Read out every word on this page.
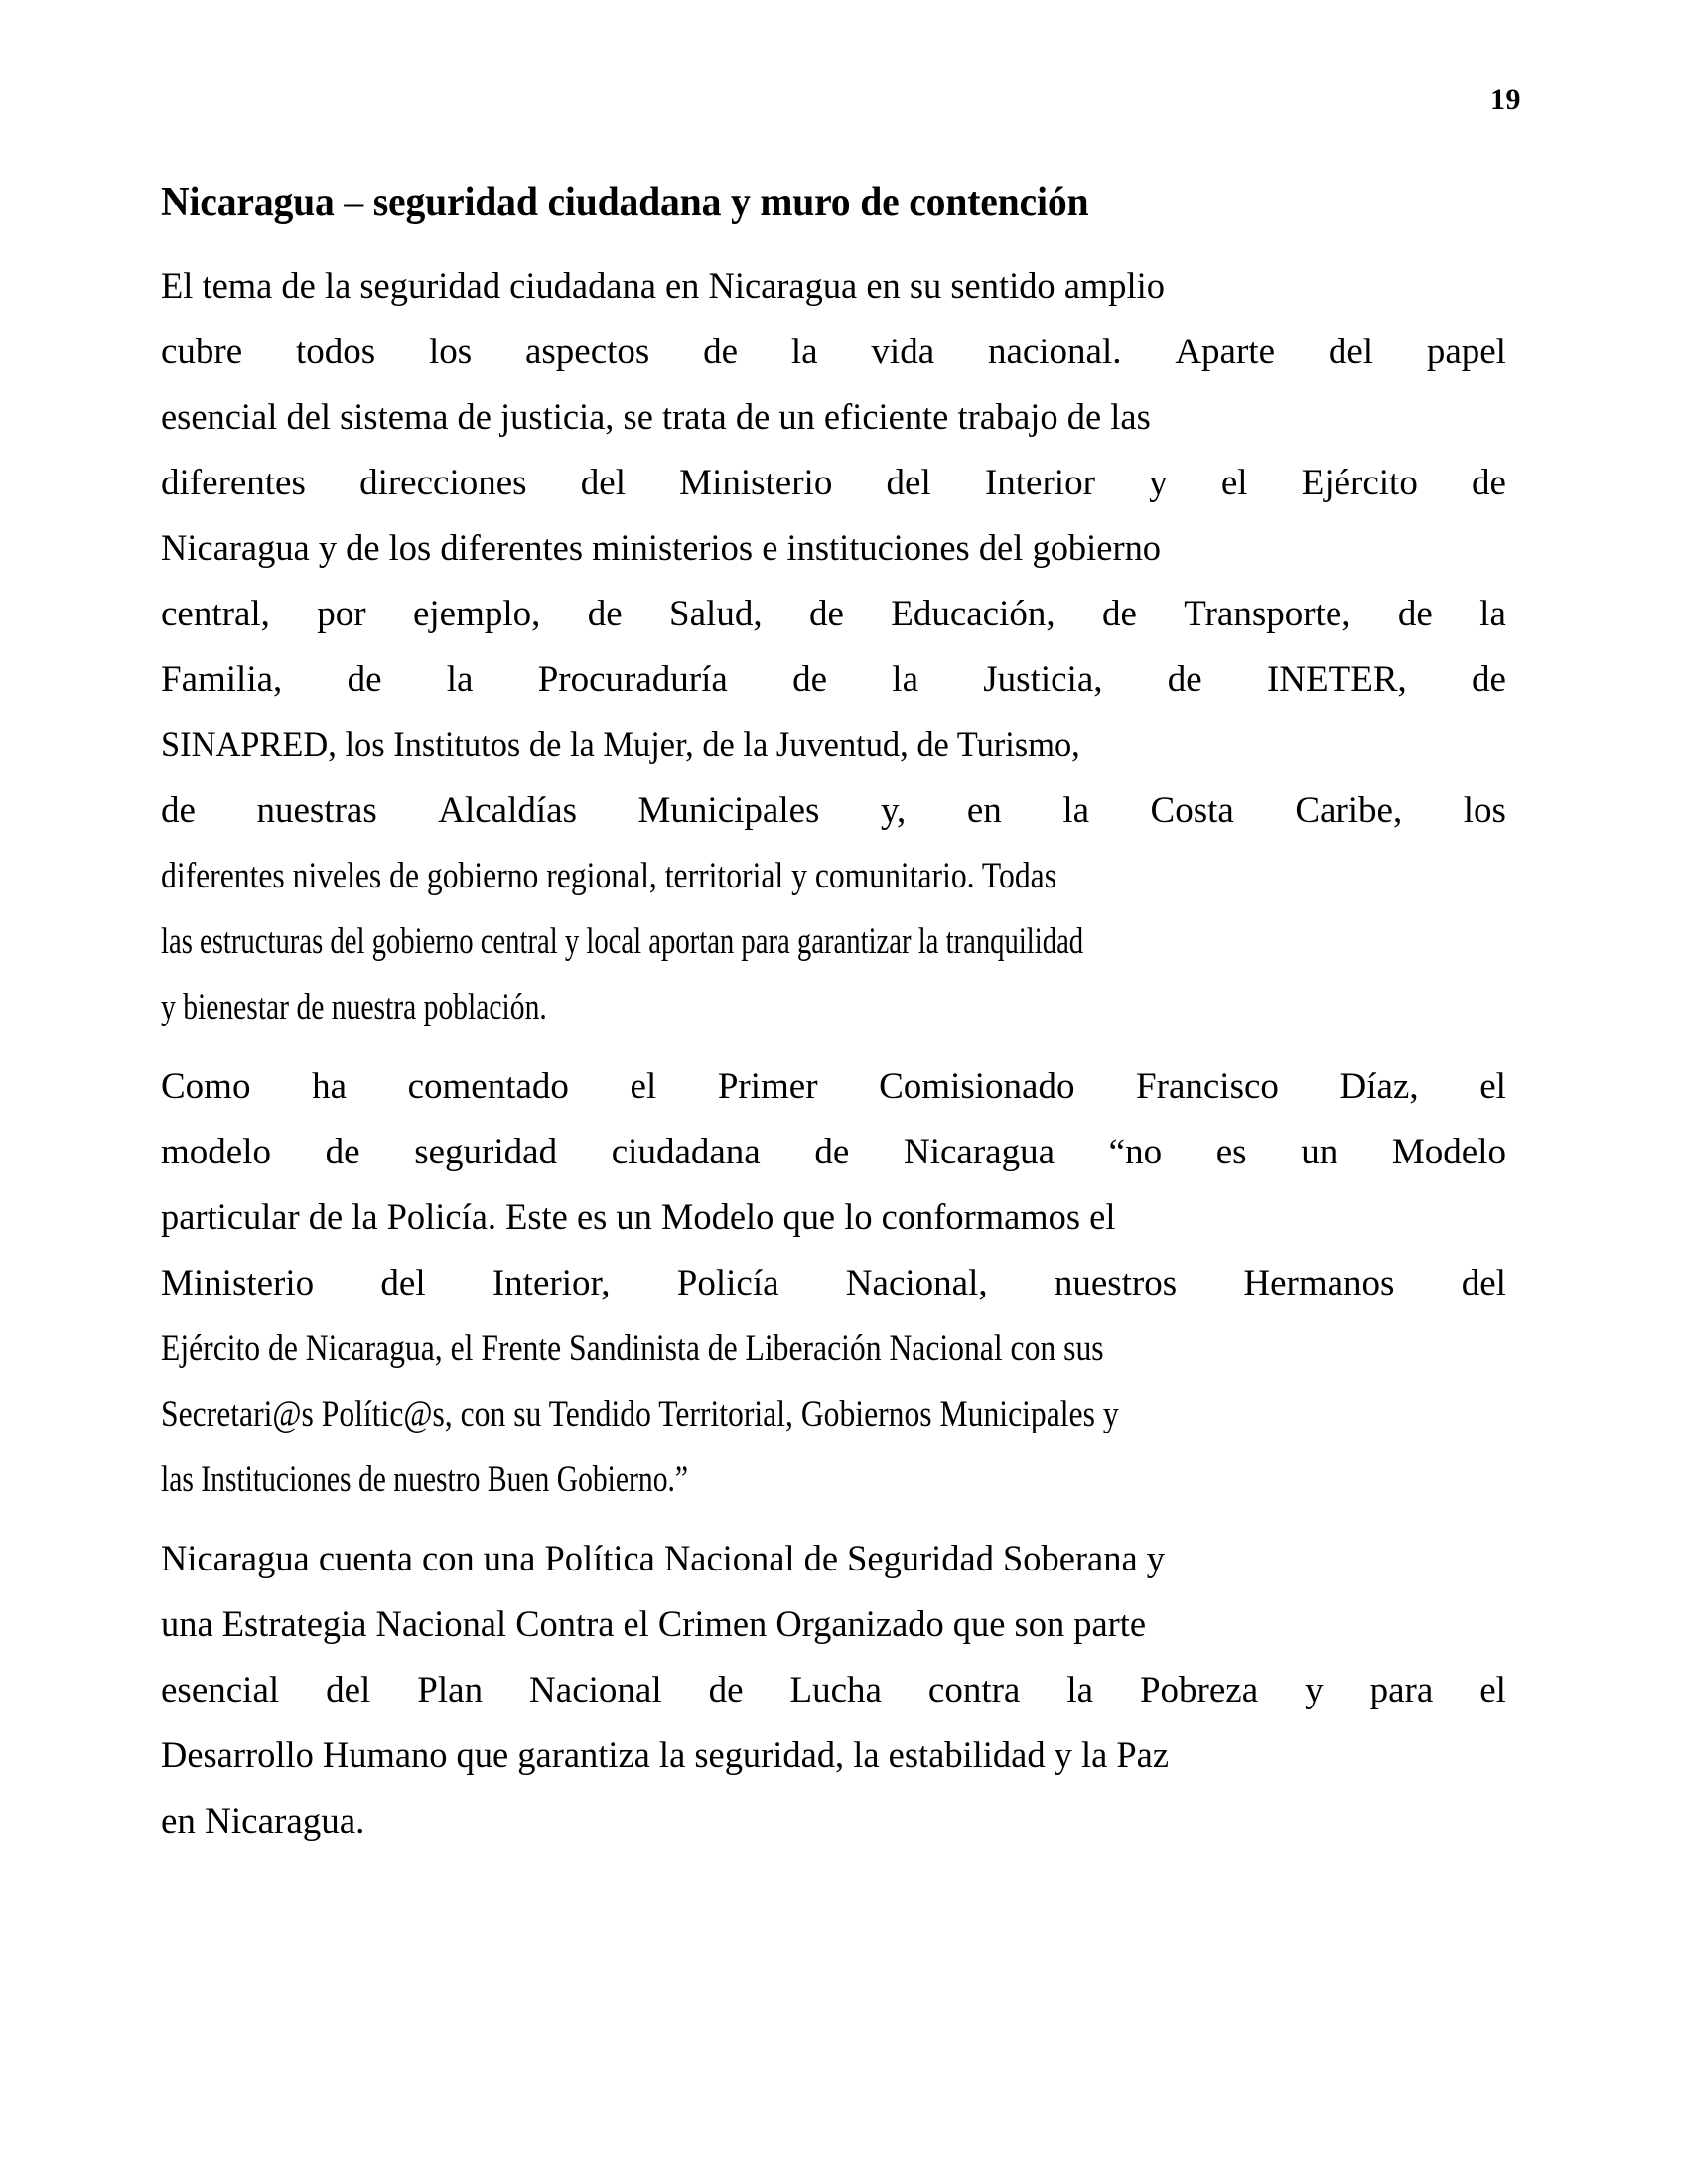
19
Nicaragua – seguridad ciudadana y muro de contención

El tema de la seguridad ciudadana en Nicaragua en su sentido amplio
cubre todos los aspectos de la vida nacional. Aparte del papel
esencial del sistema de justicia, se trata de un eficiente trabajo de las
diferentes direcciones del Ministerio del Interior y el Ejército de
Nicaragua y de los diferentes ministerios e instituciones del gobierno
central, por ejemplo, de Salud, de Educación, de Transporte, de la
Familia, de la Procuraduría de la Justicia, de INETER, de
SINAPRED, los Institutos de la Mujer, de la Juventud, de Turismo,
de nuestras Alcaldías Municipales y, en la Costa Caribe, los
diferentes niveles de gobierno regional, territorial y comunitario. Todas
las estructuras del gobierno central y local aportan para garantizar la tranquilidad
y bienestar de nuestra población.

Como ha comentado el Primer Comisionado Francisco Díaz, el
modelo de seguridad ciudadana de Nicaragua “no es un Modelo
particular de la Policía. Este es un Modelo que lo conformamos el
Ministerio del Interior, Policía Nacional, nuestros Hermanos del
Ejército de Nicaragua, el Frente Sandinista de Liberación Nacional con sus
Secretari@s Polític@s, con su Tendido Territorial, Gobiernos Municipales y
las Instituciones de nuestro Buen Gobierno.”

Nicaragua cuenta con una Política Nacional de Seguridad Soberana y
una Estrategia Nacional Contra el Crimen Organizado que son parte
esencial del Plan Nacional de Lucha contra la Pobreza y para el
Desarrollo Humano que garantiza la seguridad, la estabilidad y la Paz
en Nicaragua.
